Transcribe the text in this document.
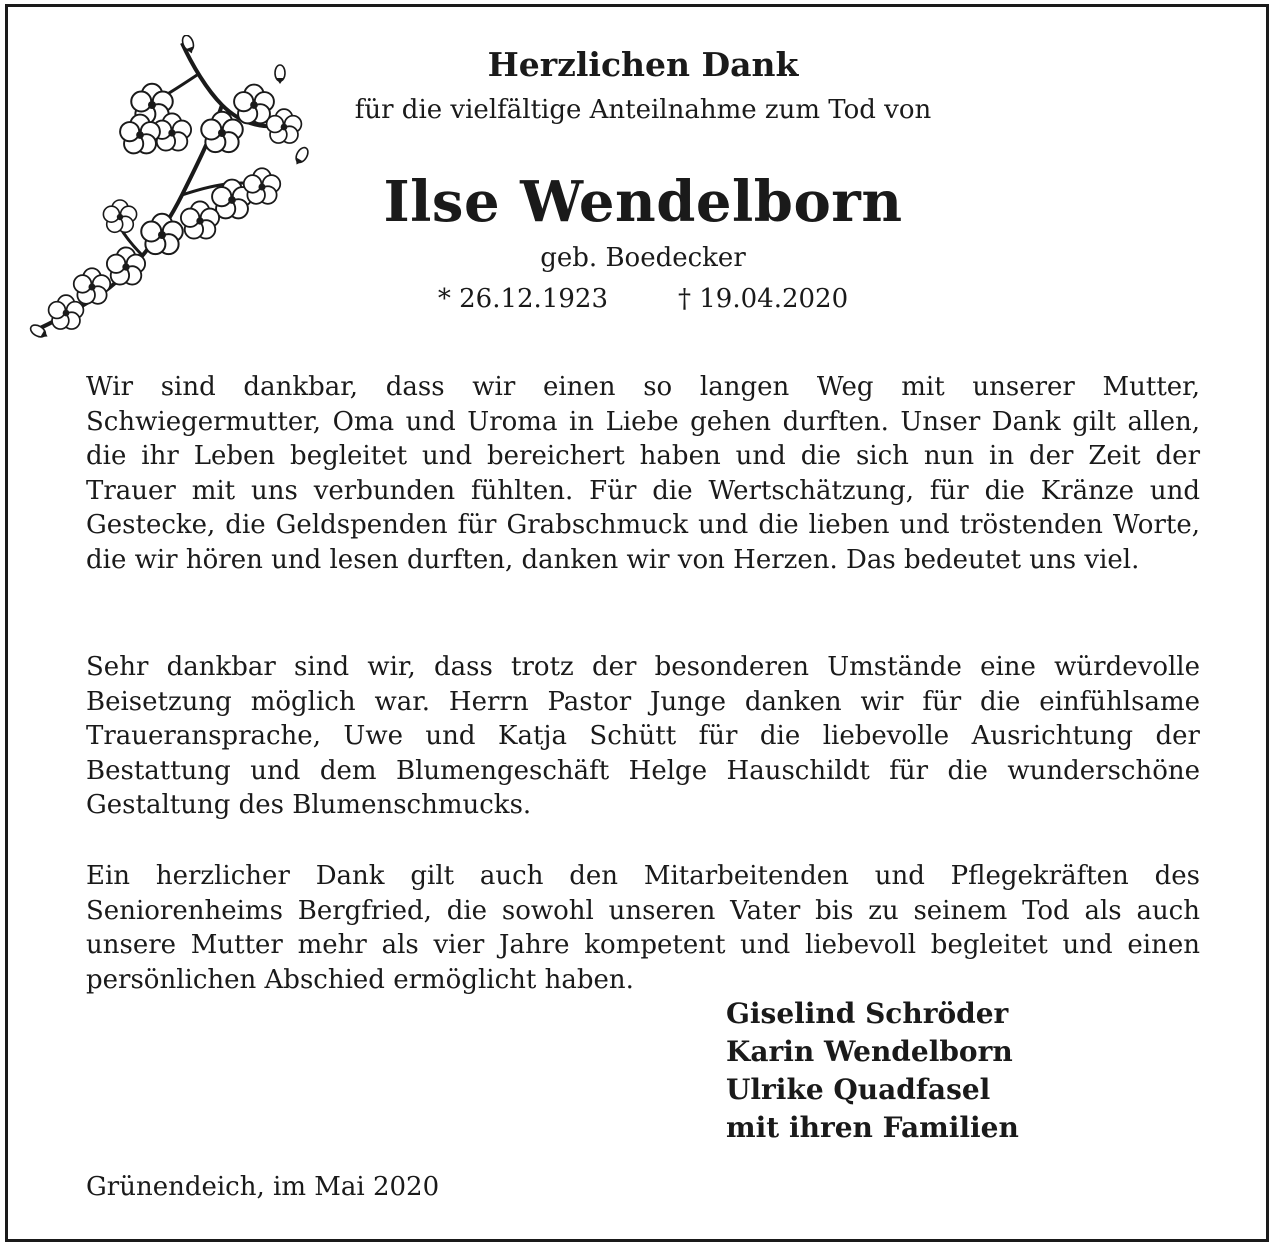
Herzlichen Dank
für die vielfältige Anteilnahme zum Tod von
Ilse Wendelborn
geb. Boedecker
* 26.12.1923	† 19.04.2020

Wir sind dankbar, dass wir einen so langen Weg mit unserer Mutter, Schwiegermutter, Oma und Uroma in Liebe gehen durften. Unser Dank gilt allen, die ihr Leben begleitet und bereichert haben und die sich nun in der Zeit der Trauer mit uns verbunden fühlten. Für die Wertschätzung, für die Kränze und Gestecke, die Geldspenden für Grabschmuck und die lieben und tröstenden Worte, die wir hören und lesen durften, danken wir von Herzen. Das bedeutet uns viel.

Sehr dankbar sind wir, dass trotz der besonderen Umstände eine würdevolle Beisetzung möglich war. Herrn Pastor Junge danken wir für die einfühlsame Traueransprache, Uwe und Katja Schütt für die liebevolle Ausrichtung der Bestattung und dem Blumengeschäft Helge Hauschildt für die wunderschöne Gestaltung des Blumenschmucks.

Ein herzlicher Dank gilt auch den Mitarbeitenden und Pflegekräften des Seniorenheims Bergfried, die sowohl unseren Vater bis zu seinem Tod als auch unsere Mutter mehr als vier Jahre kompetent und liebevoll begleitet und einen persönlichen Abschied ermöglicht haben.

Giselind Schröder
Karin Wendelborn
Ulrike Quadfasel
mit ihren Familien
Grünendeich, im Mai 2020
